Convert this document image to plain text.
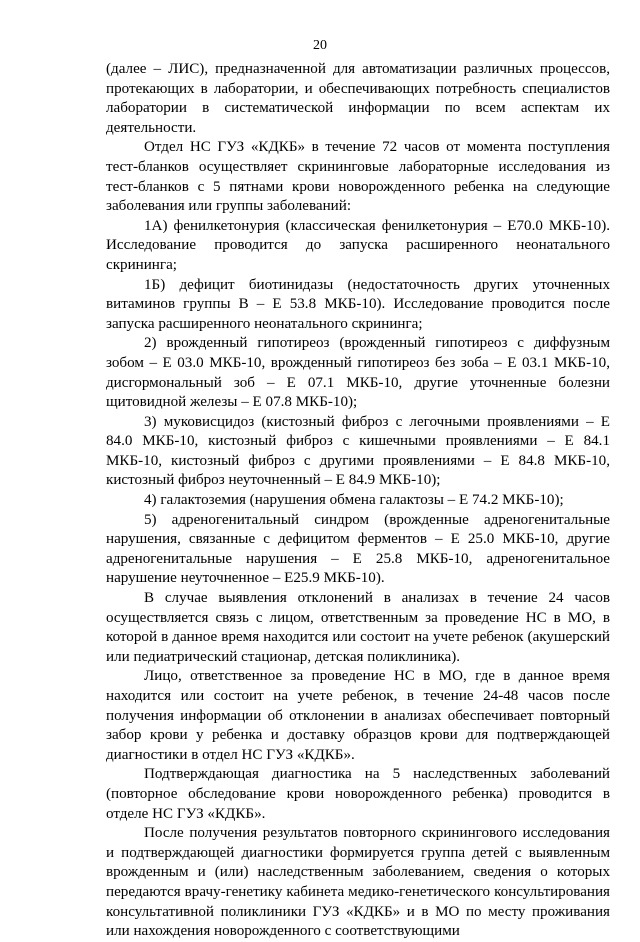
20

(далее – ЛИС), предназначенной для автоматизации различных процессов, протекающих в лаборатории, и обеспечивающих потребность специалистов лаборатории в систематической информации по всем аспектам их деятельности.

Отдел НС ГУЗ «КДКБ» в течение 72 часов от момента поступления тест-бланков осуществляет скрининговые лабораторные исследования из тест-бланков с 5 пятнами крови новорожденного ребенка на следующие заболевания или группы заболеваний:

1А) фенилкетонурия (классическая фенилкетонурия – Е70.0 МКБ-10). Исследование проводится до запуска расширенного неонатального скрининга;

1Б) дефицит биотинидазы (недостаточность других уточненных витаминов группы В – Е 53.8 МКБ-10). Исследование проводится после запуска расширенного неонатального скрининга;

2) врожденный гипотиреоз (врожденный гипотиреоз с диффузным зобом – Е 03.0 МКБ-10, врожденный гипотиреоз без зоба – Е 03.1 МКБ-10, дисгормональный зоб – Е 07.1 МКБ-10, другие уточненные болезни щитовидной железы – Е 07.8 МКБ-10);

3) муковисцидоз (кистозный фиброз с легочными проявлениями – Е 84.0 МКБ-10, кистозный фиброз с кишечными проявлениями – Е 84.1 МКБ-10, кистозный фиброз с другими проявлениями – Е 84.8 МКБ-10, кистозный фиброз неуточненный – Е 84.9 МКБ-10);

4) галактоземия (нарушения обмена галактозы – Е 74.2 МКБ-10);

5) адреногенитальный синдром (врожденные адреногенитальные нарушения, связанные с дефицитом ферментов – Е 25.0 МКБ-10, другие адреногенитальные нарушения – Е 25.8 МКБ-10, адреногенитальное нарушение неуточненное – Е25.9 МКБ-10).

В случае выявления отклонений в анализах в течение 24 часов осуществляется связь с лицом, ответственным за проведение НС в МО, в которой в данное время находится или состоит на учете ребенок (акушерский или педиатрический стационар, детская поликлиника).

Лицо, ответственное за проведение НС в МО, где в данное время находится или состоит на учете ребенок, в течение 24-48 часов после получения информации об отклонении в анализах обеспечивает повторный забор крови у ребенка и доставку образцов крови для подтверждающей диагностики в отдел НС ГУЗ «КДКБ».

Подтверждающая диагностика на 5 наследственных заболеваний (повторное обследование крови новорожденного ребенка) проводится в отделе НС ГУЗ «КДКБ».

После получения результатов повторного скринингового исследования и подтверждающей диагностики формируется группа детей с выявленным врожденным и (или) наследственным заболеванием, сведения о которых передаются врачу-генетику кабинета медико-генетического консультирования консультативной поликлиники ГУЗ «КДКБ» и в МО по месту проживания или нахождения новорожденного с соответствующими
